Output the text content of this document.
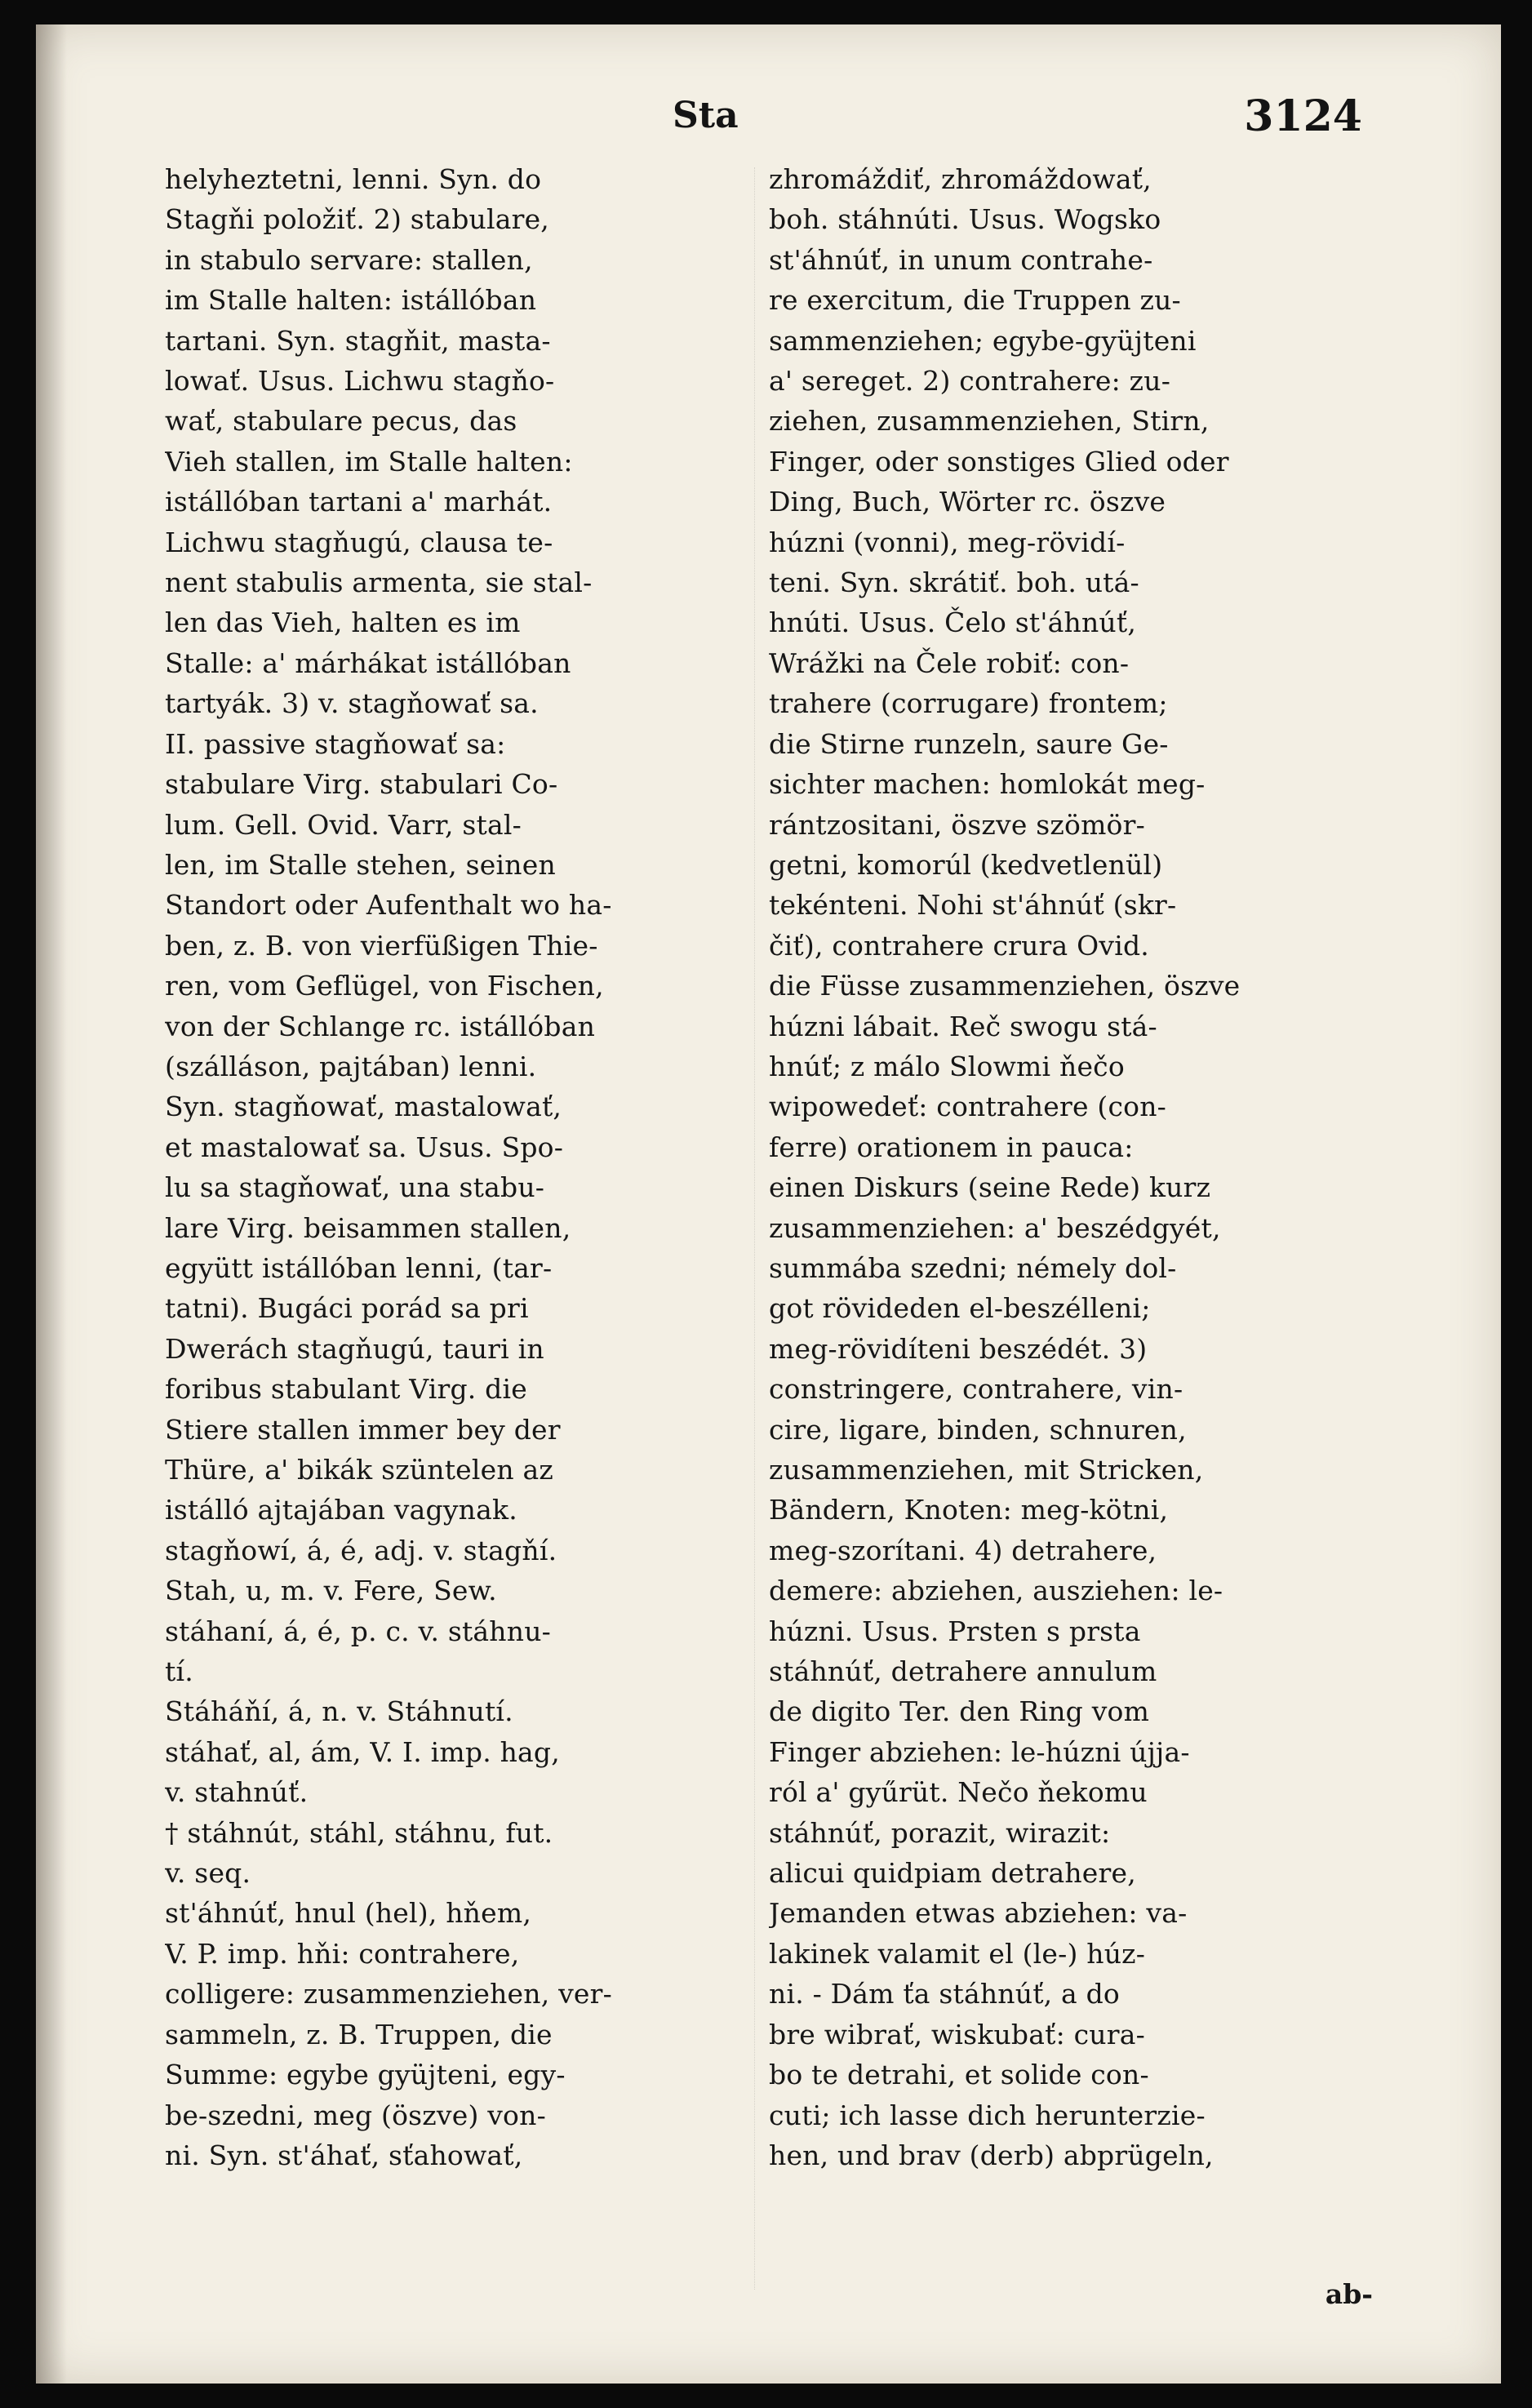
Sta	3124
helyheztetni, lenni. Syn. do
Stagňi položiť. 2) stabulare,
in stabulo servare: stallen,
im Stalle halten: istállóban
tartani. Syn. stagňit, masta-
lowať. Usus. Lichwu stagňo-
wať, stabulare pecus, das
Vieh stallen, im Stalle halten:
istállóban tartani a' marhát.
Lichwu stagňugú, clausa te-
nent stabulis armenta, sie stal-
len das Vieh, halten es im
Stalle: a' márhákat istállóban
tartyák. 3) v. stagňowať sa.
II. passive stagňowať sa:
stabulare Virg. stabulari Co-
lum. Gell. Ovid. Varr, stal-
len, im Stalle stehen, seinen
Standort oder Aufenthalt wo ha-
ben, z. B. von vierfüßigen Thie-
ren, vom Geflügel, von Fischen,
von der Schlange rc. istállóban
(szálláson, pajtában) lenni.
Syn. stagňowať, mastalowať,
et mastalowať sa. Usus. Spo-
lu sa stagňowať, una stabu-
lare Virg. beisammen stallen,
együtt istállóban lenni, (tar-
tatni). Bugáci porád sa pri
Dwerách stagňugú, tauri in
foribus stabulant Virg. die
Stiere stallen immer bey der
Thüre, a' bikák szüntelen az
istálló ajtajában vagynak.
stagňowí, á, é, adj. v. stagňí.
Stah, u, m. v. Fere, Sew.
stáhaní, á, é, p. c. v. stáhnu-
tí.
Stáháňí, á, n. v. Stáhnutí.
stáhať, al, ám, V. I. imp. hag,
v. stahnúť.
† stáhnút, stáhl, stáhnu, fut.
v. seq.
st'áhnúť, hnul (hel), hňem,
V. P. imp. hňi: contrahere,
colligere: zusammenziehen, ver-
sammeln, z. B. Truppen, die
Summe: egybe gyüjteni, egy-
be-szedni, meg (öszve) von-
ni. Syn. st'áhať, sťahowať,
zhromáždiť, zhromáždowať,
boh. stáhnúti. Usus. Wogsko
st'áhnúť, in unum contrahe-
re exercitum, die Truppen zu-
sammenziehen; egybe-gyüjteni
a' sereget. 2) contrahere: zu-
ziehen, zusammenziehen, Stirn,
Finger, oder sonstiges Glied oder
Ding, Buch, Wörter rc. öszve
húzni (vonni), meg-rövidí-
teni. Syn. skrátiť. boh. utá-
hnúti. Usus. Čelo st'áhnúť,
Wrážki na Čele robiť: con-
trahere (corrugare) frontem;
die Stirne runzeln, saure Ge-
sichter machen: homlokát meg-
rántzositani, öszve szömör-
getni, komorúl (kedvetlenül)
tekénteni. Nohi st'áhnúť (skr-
čiť), contrahere crura Ovid.
die Füsse zusammenziehen, öszve
húzni lábait. Reč swogu stá-
hnúť; z málo Slowmi ňečo
wipowedeť: contrahere (con-
ferre) orationem in pauca:
einen Diskurs (seine Rede) kurz
zusammenziehen: a' beszédgyét,
summába szedni; némely dol-
got rövideden el-beszélleni;
meg-rövidíteni beszédét. 3)
constringere, contrahere, vin-
cire, ligare, binden, schnuren,
zusammenziehen, mit Stricken,
Bändern, Knoten: meg-kötni,
meg-szorítani. 4) detrahere,
demere: abziehen, ausziehen: le-
húzni. Usus. Prsten s prsta
stáhnúť, detrahere annulum
de digito Ter. den Ring vom
Finger abziehen: le-húzni újja-
ról a' gyűrüt. Nečo ňekomu
stáhnúť, porazit, wirazit:
alicui quidpiam detrahere,
Jemanden etwas abziehen: va-
lakinek valamit el (le-) húz-
ni. - Dám ťa stáhnúť, a do
bre wibrať, wiskubať: cura-
bo te detrahi, et solide con-
cuti; ich lasse dich herunterzie-
hen, und brav (derb) abprügeln,
ab-
